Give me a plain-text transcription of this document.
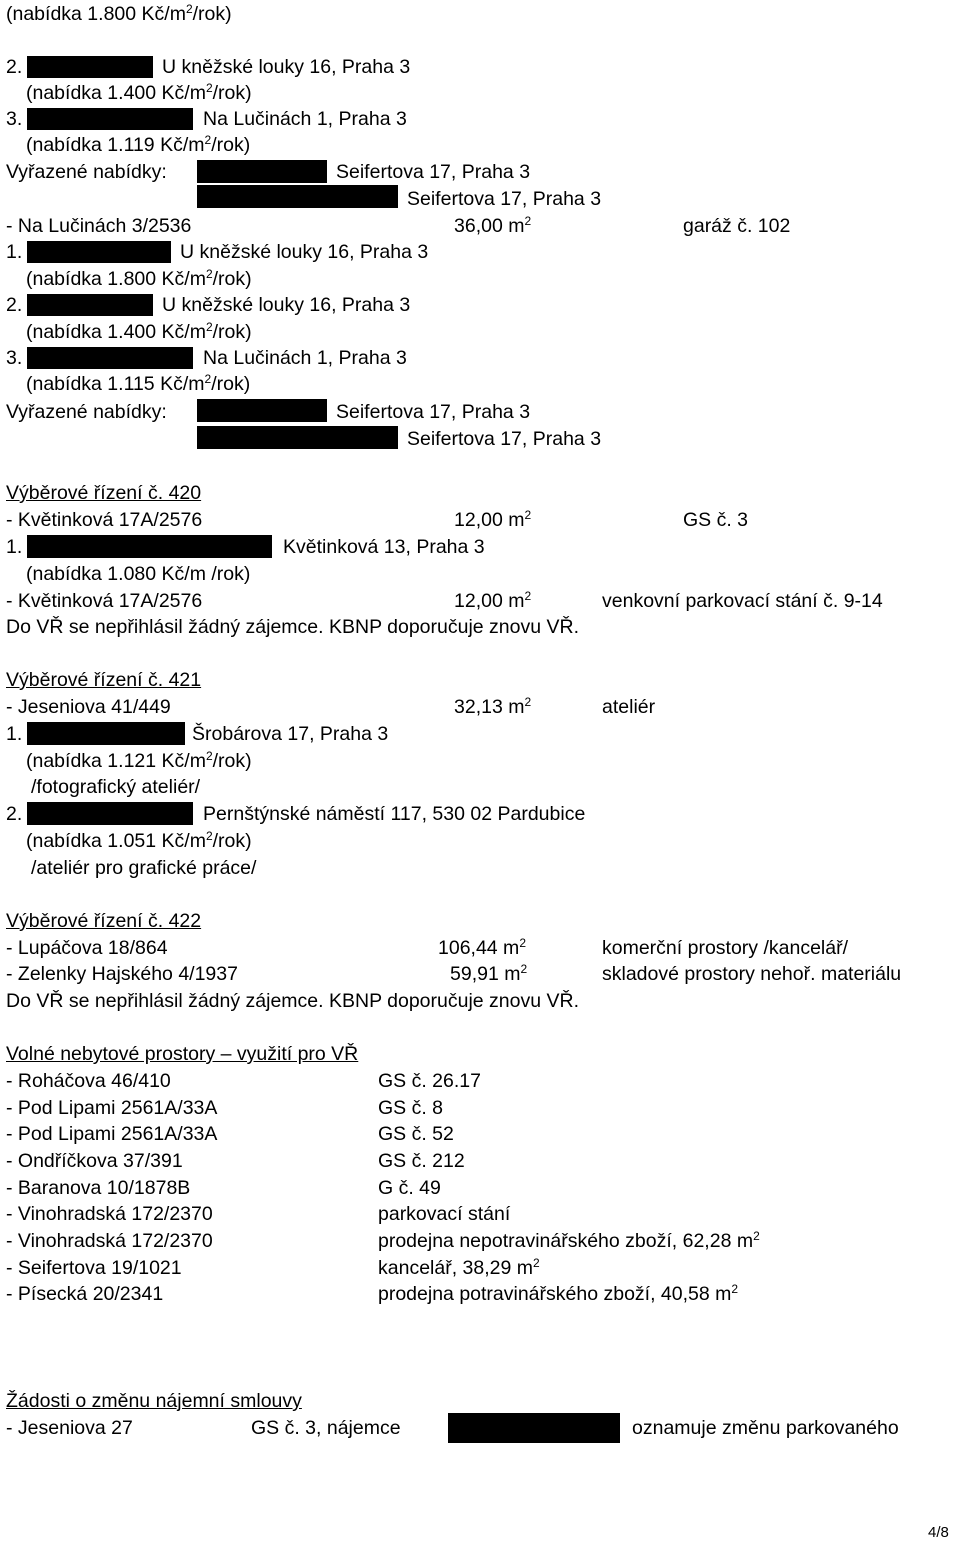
(nabídka 1.800 $Kč/m^2/rok$)
2.	U kněžské louky 16, Praha 3
(nabídka 1.400 $Kč/m^2/rok$)
3.	Na Lučinách 1, Praha 3
(nabídka 1.119 $Kč/m^2/rok$)
Vyřazené nabídky:	Seifertova 17, Praha 3
Seifertova 17, Praha 3
- Na Lučinách 3/2536	36,00 $m^2$	garáž č. 102
1.	U kněžské louky 16, Praha 3
(nabídka 1.800 $Kč/m^2/rok$)
2.	U kněžské louky 16, Praha 3
(nabídka 1.400 $Kč/m^2/rok$)
3.	Na Lučinách 1, Praha 3
(nabídka 1.115 $Kč/m^2/rok$)
Vyřazené nabídky:	Seifertova 17, Praha 3
Seifertova 17, Praha 3
Výběrové řízení č. 420
- Květinková 17A/2576	12,00 $m^2$	GS č. 3
1.	Květinková 13, Praha 3
(nabídka 1.080 Kč/m /rok)
- Květinková 17A/2576	12,00 $m^2$	venkovní parkovací stání č. 9-14
Do VŘ se nepřihlásil žádný zájemce. KBNP doporučuje znovu VŘ.
Výběrové řízení č. 421
- Jeseniova 41/449	32,13 $m^2$	ateliér
1.	Šrobárova 17, Praha 3
(nabídka 1.121 $Kč/m^2/rok$)
/fotografický ateliér/
2.	Pernštýnské náměstí 117, 530 02 Pardubice
(nabídka 1.051 $Kč/m^2/rok$)
/ateliér pro grafické práce/
Výběrové řízení č. 422
- Lupáčova 18/864	106,44 $m^2$	komerční prostory /kancelář/
- Zelenky Hajského 4/1937	59,91 $m^2$	skladové prostory nehoř. materiálu
Do VŘ se nepřihlásil žádný zájemce. KBNP doporučuje znovu VŘ.
Volné nebytové prostory – využití pro VŘ
- Roháčova 46/410	GS č. 26.17
- Pod Lipami 2561A/33A	GS č. 8
- Pod Lipami 2561A/33A	GS č. 52
- Ondříčkova 37/391	GS č. 212
- Baranova 10/1878B	G č. 49
- Vinohradská 172/2370	parkovací stání
- Vinohradská 172/2370	prodejna nepotravinářského zboží, 62,28 $m^2$
- Seifertova 19/1021	kancelář, 38,29 $m^2$
- Písecká 20/2341	prodejna potravinářského zboží, 40,58 $m^2$
Žádosti o změnu nájemní smlouvy
- Jeseniova 27	GS č. 3, nájemce	oznamuje změnu parkovaného
4/8
